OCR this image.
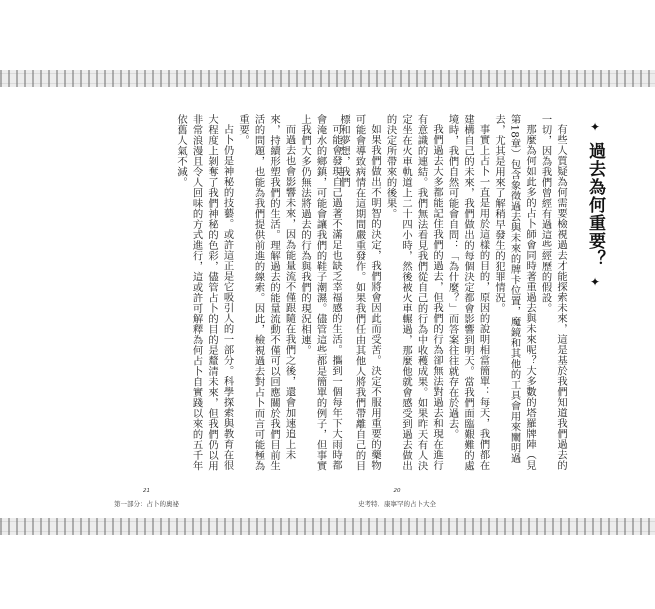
可能會發現自己過著不滿足也缺乏幸福感的生活。攜到一個每年下大雨時都會淹水的鄉鎮，可能會讓我們的鞋子潮濕。儘管這些都是簡單的例子，但事實上我們大多仍無法將過去的行為與我們的現況相連。

而過去也會影響未來，因為能量流不僅跟隨在我們之後，還會加速追上未來，持續形塑我們的生活。理解過去的能量流動不僅可以回應關於我們目前生活的問題，也能為我們提供前進的線索。因此，檢視過去對占卜而言可能極為重要。

占卜仍是神秘的技藝。或許這正是它吸引人的一部分。科學探索與教育在很大程度上剝奪了我們神秘的色彩，儘管占卜的目的是釐清未來，但我們仍以用非常浪漫且令人回味的方式進行，這或許可解釋為何占卜自實踐以來的五千年依舊人氣不減。

21
第一部分：占卜的奧祕
✦ 過去為何重要？ ✦

有些人質疑為何需要檢視過去才能探索未來，這是基於我們知道我們過去的一切，因為我們曾經有過這些經歷的假設。

那麼為何如此多的占卜師會同時著重過去與未來呢？大多數的塔羅牌陣（見第18章）包含象徵過去與未來的牌卡位置，魔鏡和其他的工具會用來闡明過去，尤其是用來了解稍早發生的犯罪情況。

事實上占卜一直是用於這樣的目的，原因的說明相當簡單：每天，我們都在建構自己的未來，我們做出的每個決定都會影響到明天。當我們面臨艱難的處境時，我們自然可能會自問：「為什麼？」而答案往往就存在於過去。

我們過去大多都能記住我們的過去，但我們的行為卻無法對過去和現在進行有意識的連結。我們無法看見我們從自己的行為中收穫成果。如果昨天有人決定坐在火車軌道上二十四小時，然後被火車輾過，那麼他就會感受到過去做出的決定所帶來的後果。

如果我們做出不明智的決定，我們將會因此而受苦。決定不服用重要的藥物可能會導致病情在這期間嚴重發作。如果我們任由其他人將我們帶離自己的目標和夢想，我們

20
史考特．康寧罕的占卜大全
